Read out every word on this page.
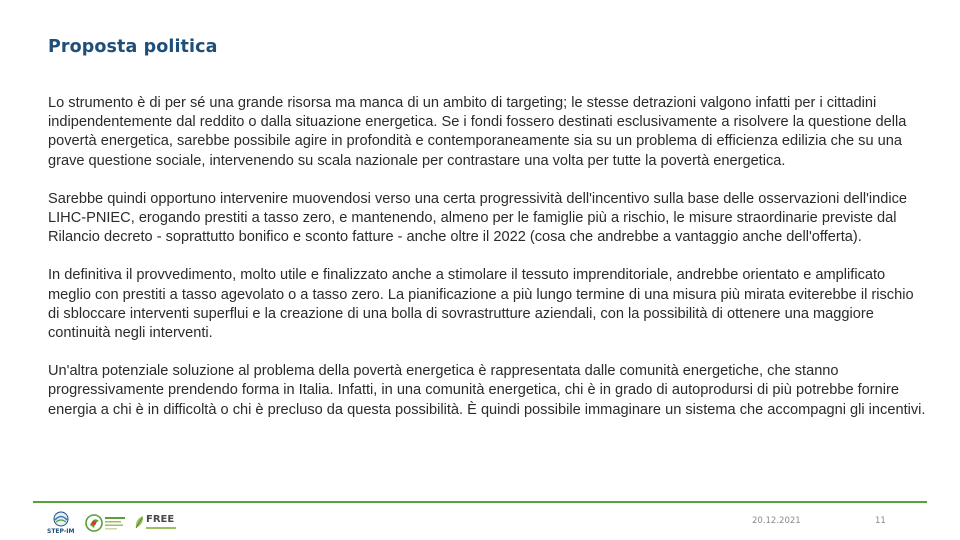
Proposta politica

Lo strumento è di per sé una grande risorsa ma manca di un ambito di targeting; le stesse detrazioni valgono infatti per i cittadini indipendentemente dal reddito o dalla situazione energetica. Se i fondi fossero destinati esclusivamente a risolvere la questione della povertà energetica, sarebbe possibile agire in profondità e contemporaneamente sia su un problema di efficienza edilizia che su una grave questione sociale, intervenendo su scala nazionale per contrastare una volta per tutte la povertà energetica.

Sarebbe quindi opportuno intervenire muovendosi verso una certa progressività dell'incentivo sulla base delle osservazioni dell'indice LIHC-PNIEC, erogando prestiti a tasso zero, e mantenendo, almeno per le famiglie più a rischio, le misure straordinarie previste dal Rilancio decreto - soprattutto bonifico e sconto fatture - anche oltre il 2022 (cosa che andrebbe a vantaggio anche dell'offerta).

In definitiva il provvedimento, molto utile e finalizzato anche a stimolare il tessuto imprenditoriale, andrebbe orientato e amplificato meglio con prestiti a tasso agevolato o a tasso zero. La pianificazione a più lungo termine di una misura più mirata eviterebbe il rischio di sbloccare interventi superflui e la creazione di una bolla di sovrastrutture aziendali, con la possibilità di ottenere una maggiore continuità negli interventi.

Un'altra potenziale soluzione al problema della povertà energetica è rappresentata dalle comunità energetiche, che stanno progressivamente prendendo forma in Italia. Infatti, in una comunità energetica, chi è in grado di autoprodursi di più potrebbe fornire energia a chi è in difficoltà o chi è precluso da questa possibilità. È quindi possibile immaginare un sistema che accompagni gli incentivi.

STEP-IM
FREE	20.12.2021	11
